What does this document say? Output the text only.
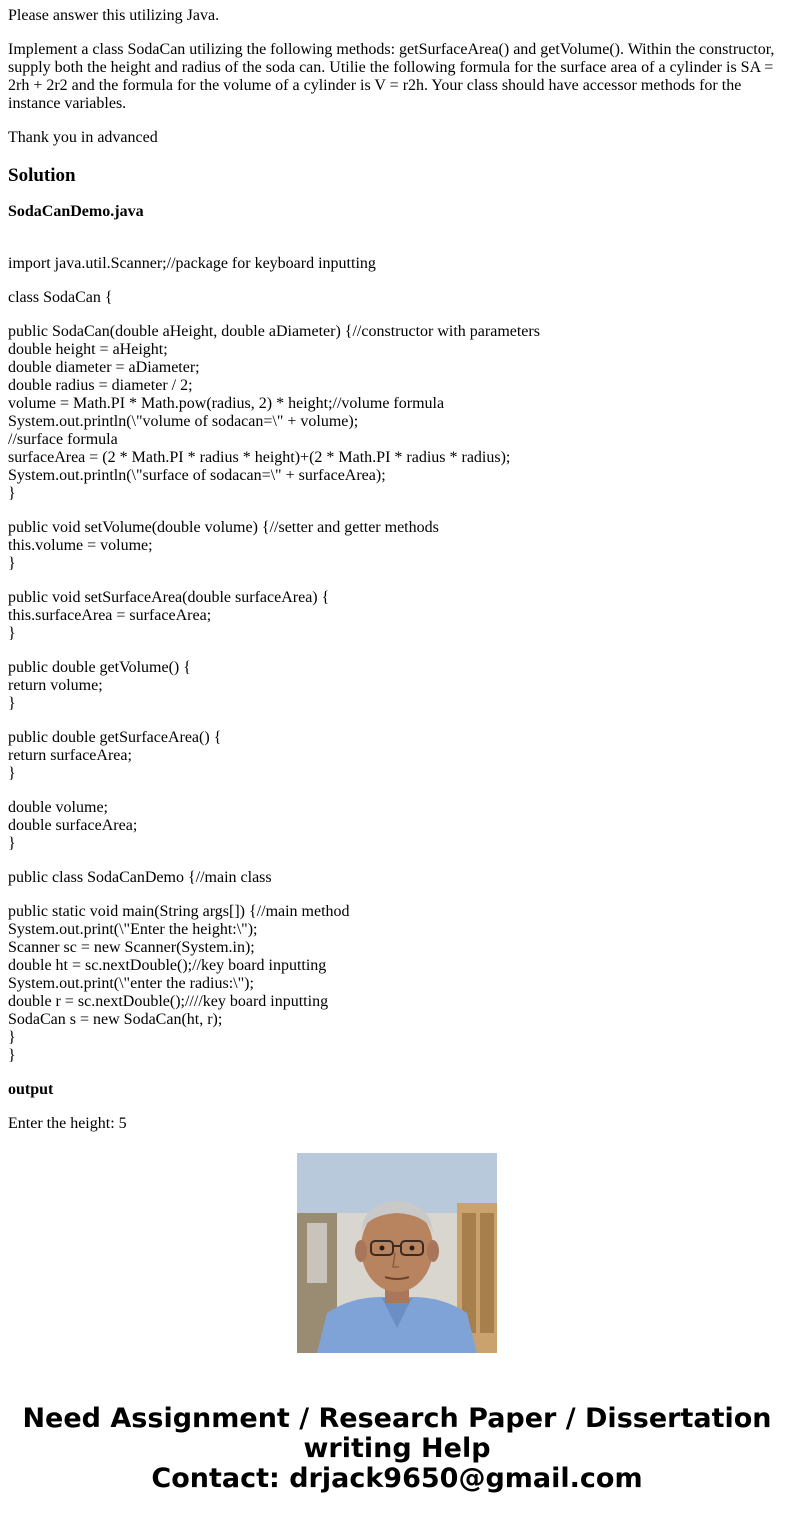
Please answer this utilizing Java.

Implement a class SodaCan utilizing the following methods: getSurfaceArea() and getVolume(). Within the constructor, supply both the height and radius of the soda can. Utilie the following formula for the surface area of a cylinder is SA = 2rh + 2r2 and the formula for the volume of a cylinder is V = r2h. Your class should have accessor methods for the instance variables.

Thank you in advanced

Solution
SodaCanDemo.java
import java.util.Scanner;//package for keyboard inputting
class SodaCan {
public SodaCan(double aHeight, double aDiameter) {//constructor with parameters
double height = aHeight;
double diameter = aDiameter;
double radius = diameter / 2;
volume = Math.PI * Math.pow(radius, 2) * height;//volume formula
System.out.println(\"volume of sodacan=\" + volume);
//surface formula
surfaceArea = (2 * Math.PI * radius * height)+(2 * Math.PI * radius * radius);
System.out.println(\"surface of sodacan=\" + surfaceArea);
}
public void setVolume(double volume) {//setter and getter methods
this.volume = volume;
}
public void setSurfaceArea(double surfaceArea) {
this.surfaceArea = surfaceArea;
}
public double getVolume() {
return volume;
}
public double getSurfaceArea() {
return surfaceArea;
}
double volume;
double surfaceArea;
}
public class SodaCanDemo {//main class
public static void main(String args[]) {//main method
System.out.print(\"Enter the height:\");
Scanner sc = new Scanner(System.in);
double ht = sc.nextDouble();//key board inputting
System.out.print(\"enter the radius:\");
double r = sc.nextDouble();////key board inputting
SodaCan s = new SodaCan(ht, r);
}
}
output
Enter the height: 5
Need Assignment / Research Paper / Dissertation
writing Help
Contact: drjack9650@gmail.com
